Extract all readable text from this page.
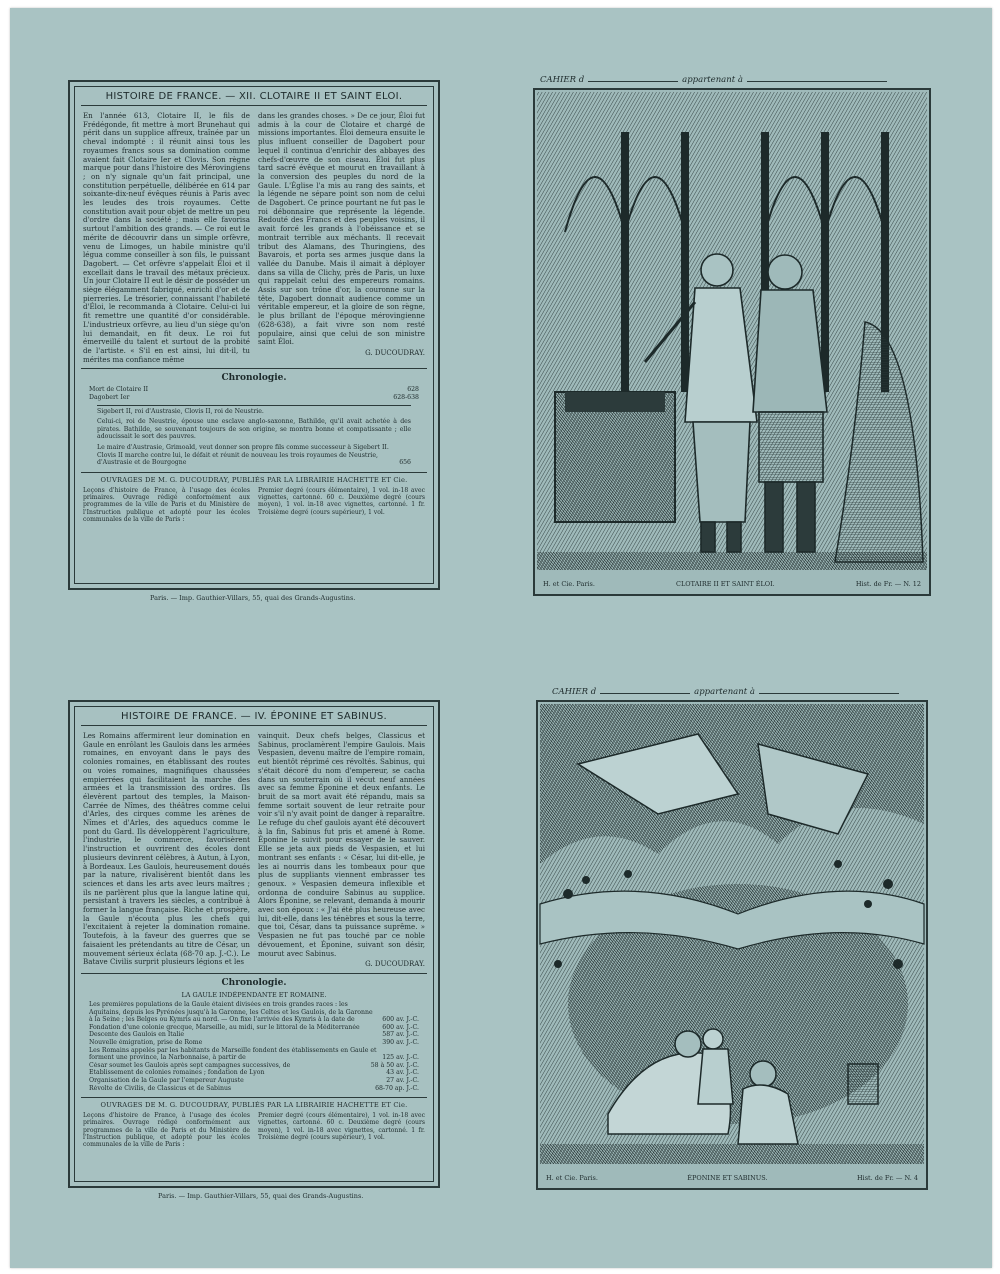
HISTOIRE DE FRANCE. — XII. CLOTAIRE II ET SAINT ELOI.

En l'année 613, Clotaire II, le fils de Frédégonde, fit mettre à mort Brunehaut qui périt dans un supplice affreux, traînée par un cheval indompté : il réunit ainsi tous les royaumes francs sous sa domination comme avaient fait Clotaire Ier et Clovis. Son règne marque pour dans l'histoire des Mérovingiens ; on n'y signale qu'un fait principal, une constitution perpétuelle, délibérée en 614 par soixante-dix-neuf évêques réunis à Paris avec les leudes des trois royaumes. Cette constitution avait pour objet de mettre un peu d'ordre dans la société ; mais elle favorisa surtout l'ambition des grands. — Ce roi eut le mérite de découvrir dans un simple orfèvre, venu de Limoges, un habile ministre qu'il légua comme conseiller à son fils, le puissant Dagobert. — Cet orfèvre s'appelait Éloi et il excellait dans le travail des métaux précieux. Un jour Clotaire II eut le désir de posséder un siège élégamment fabriqué, enrichi d'or et de pierreries. Le trésorier, connaissant l'habileté d'Éloi, le recommanda à Clotaire. Celui-ci lui fit remettre une quantité d'or considérable. L'industrieux orfèvre, au lieu d'un siège qu'on lui demandait, en fit deux. Le roi fut émerveillé du talent et surtout de la probité de l'artiste. « S'il en est ainsi, lui dit-il, tu mérites ma confiance même

dans les grandes choses. » De ce jour, Éloi fut admis à la cour de Clotaire et chargé de missions importantes. Éloi demeura ensuite le plus influent conseiller de Dagobert pour lequel il continua d'enrichir des abbayes des chefs-d'œuvre de son ciseau. Éloi fut plus tard sacré évêque et mourut en travaillant à la conversion des peuples du nord de la Gaule. L'Église l'a mis au rang des saints, et la légende ne sépare point son nom de celui de Dagobert. Ce prince pourtant ne fut pas le roi débonnaire que représente la légende. Redouté des Francs et des peuples voisins, il avait forcé les grands à l'obéissance et se montrait terrible aux méchants. Il recevait tribut des Alamans, des Thuringiens, des Bavarois, et porta ses armes jusque dans la vallée du Danube. Mais il aimait à déployer dans sa villa de Clichy, près de Paris, un luxe qui rappelait celui des empereurs romains. Assis sur son trône d'or, la couronne sur la tête, Dagobert donnait audience comme un véritable empereur, et la gloire de son règne, le plus brillant de l'époque mérovingienne (628-638), a fait vivre son nom resté populaire, ainsi que celui de son ministre saint Éloi.

G. DUCOUDRAY.
Chronologie.
Mort de Clotaire II	628
Dagobert Ier	628-638
Sigebert II, roi d'Austrasie, Clovis II, roi de Neustrie.
Celui-ci, roi de Neustrie, épouse une esclave anglo-saxonne, Bathilde, qu'il avait achetée à des pirates. Bathilde, se souvenant toujours de son origine, se montra bonne et compatissante ; elle adoucissait le sort des pauvres.
Le maire d'Austrasie, Grimoald, veut donner son propre fils comme successeur à Sigebert II. Clovis II marche contre lui, le défait et réunit de nouveau les trois royaumes de Neustrie, d'Austrasie et de Bourgogne	656
OUVRAGES DE M. G. DUCOUDRAY, PUBLIÉS PAR LA LIBRAIRIE HACHETTE ET Cie.
Leçons d'histoire de France, à l'usage des écoles primaires. Ouvrage rédigé conformément aux programmes de la ville de Paris et du Ministère de l'Instruction publique et adopté pour les écoles communales de la ville de Paris :
Premier degré (cours élémentaire), 1 vol. in-18 avec vignettes, cartonné. 60 c. Deuxième degré (cours moyen), 1 vol. in-18 avec vignettes, cartonné. 1 fr. Troisième degré (cours supérieur), 1 vol.
Paris. — Imp. Gauthier-Villars, 55, quai des Grands-Augustins.
CAHIER d	appartenant à
H. et Cie. Paris.	CLOTAIRE II ET SAINT ÉLOI.	Hist. de Fr. — N. 12
HISTOIRE DE FRANCE. — IV. ÉPONINE ET SABINUS.

Les Romains affermirent leur domination en Gaule en enrôlant les Gaulois dans les armées romaines, en envoyant dans le pays des colonies romaines, en établissant des routes ou voies romaines, magnifiques chaussées empierrées qui facilitaient la marche des armées et la transmission des ordres. Ils élevèrent partout des temples, la Maison-Carrée de Nîmes, des théâtres comme celui d'Arles, des cirques comme les arènes de Nîmes et d'Arles, des aqueducs comme le pont du Gard. Ils développèrent l'agriculture, l'industrie, le commerce, favorisèrent l'instruction et ouvrirent des écoles dont plusieurs devinrent célèbres, à Autun, à Lyon, à Bordeaux. Les Gaulois, heureusement doués par la nature, rivalisèrent bientôt dans les sciences et dans les arts avec leurs maîtres ; ils ne parlèrent plus que la langue latine qui, persistant à travers les siècles, a contribué à former la langue française. Riche et prospère, la Gaule n'écouta plus les chefs qui l'excitaient à rejeter la domination romaine. Toutefois, à la faveur des guerres que se faisaient les prétendants au titre de César, un mouvement sérieux éclata (68-70 ap. J.-C.). Le Batave Civilis surprit plusieurs légions et les

vainquit. Deux chefs belges, Classicus et Sabinus, proclamèrent l'empire Gaulois. Mais Vespasien, devenu maître de l'empire romain, eut bientôt réprimé ces révoltés. Sabinus, qui s'était décoré du nom d'empereur, se cacha dans un souterrain où il vécut neuf années avec sa femme Éponine et deux enfants. Le bruit de sa mort avait été répandu, mais sa femme sortait souvent de leur retraite pour voir s'il n'y avait point de danger à reparaître. Le refuge du chef gaulois ayant été découvert à la fin, Sabinus fut pris et amené à Rome. Éponine le suivit pour essayer de le sauver. Elle se jeta aux pieds de Vespasien, et lui montrant ses enfants : « César, lui dit-elle, je les ai nourris dans les tombeaux pour que plus de suppliants viennent embrasser tes genoux. » Vespasien demeura inflexible et ordonna de conduire Sabinus au supplice. Alors Éponine, se relevant, demanda à mourir avec son époux : « J'ai été plus heureuse avec lui, dit-elle, dans les ténèbres et sous la terre, que toi, César, dans ta puissance suprême. » Vespasien ne fut pas touché par ce noble dévouement, et Éponine, suivant son désir, mourut avec Sabinus.

G. DUCOUDRAY.
Chronologie.
LA GAULE INDÉPENDANTE ET ROMAINE.
Les premières populations de la Gaule étaient divisées en trois grandes races : les Aquitains, depuis les Pyrénées jusqu'à la Garonne, les Celtes et les Gaulois, de la Garonne à la Seine ; les Belges ou Kymris au nord. — On fixe l'arrivée des Kymris à la date de	600 av. J.-C.
Fondation d'une colonie grecque, Marseille, au midi, sur le littoral de la Méditerranée	600 av. J.-C.
Descente des Gaulois en Italie	587 av. J.-C.
Nouvelle émigration, prise de Rome	390 av. J.-C.
Les Romains appelés par les habitants de Marseille fondent des établissements en Gaule et forment une province, la Narbonnaise, à partir de	125 av. J.-C.
César soumet les Gaulois après sept campagnes successives, de	58 à 50 av. J.-C.
Établissement de colonies romaines ; fondation de Lyon	43 av. J.-C.
Organisation de la Gaule par l'empereur Auguste	27 av. J.-C.
Révolte de Civilis, de Classicus et de Sabinus	68-70 ap. J.-C.
OUVRAGES DE M. G. DUCOUDRAY, PUBLIÉS PAR LA LIBRAIRIE HACHETTE ET Cie.
Leçons d'histoire de France, à l'usage des écoles primaires. Ouvrage rédigé conformément aux programmes de la ville de Paris et du Ministère de l'Instruction publique, et adopté pour les écoles communales de la ville de Paris :
Premier degré (cours élémentaire), 1 vol. in-18 avec vignettes, cartonné. 60 c. Deuxième degré (cours moyen), 1 vol. in-18 avec vignettes, cartonné. 1 fr. Troisième degré (cours supérieur), 1 vol.
Paris. — Imp. Gauthier-Villars, 55, quai des Grands-Augustins.
CAHIER d	appartenant à
H. et Cie. Paris.	ÉPONINE ET SABINUS.	Hist. de Fr. — N. 4
